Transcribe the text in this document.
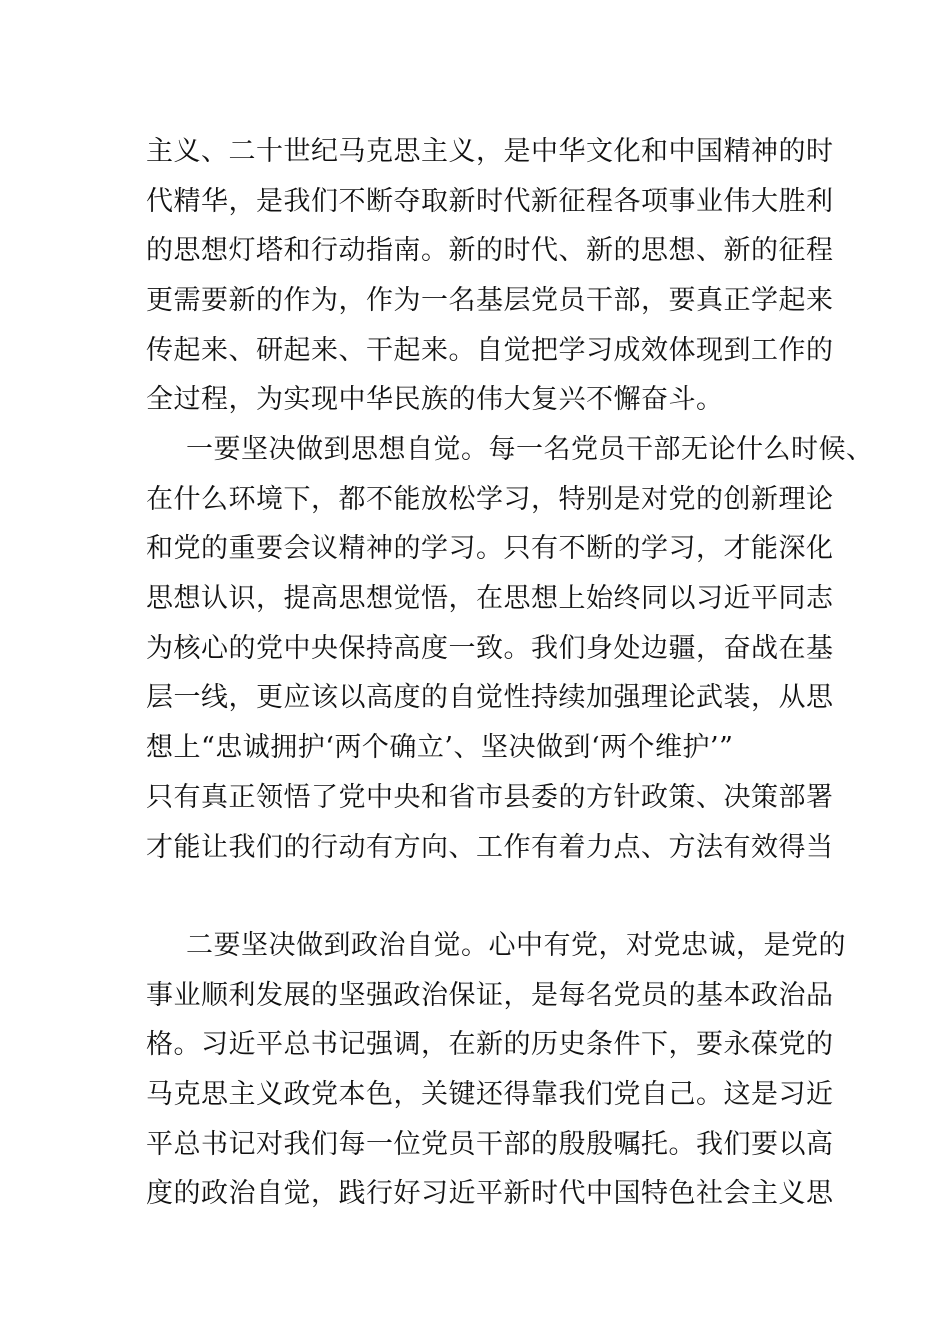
主义、二十世纪马克思主义，是中华文化和中国精神的时
代精华，是我们不断夺取新时代新征程各项事业伟大胜利
的思想灯塔和行动指南。新的时代、新的思想、新的征程
更需要新的作为，作为一名基层党员干部，要真正学起来
传起来、研起来、干起来。自觉把学习成效体现到工作的
全过程，为实现中华民族的伟大复兴不懈奋斗。
一要坚决做到思想自觉。每一名党员干部无论什么时候、
在什么环境下，都不能放松学习，特别是对党的创新理论
和党的重要会议精神的学习。只有不断的学习，才能深化
思想认识，提高思想觉悟，在思想上始终同以习近平同志
为核心的党中央保持高度一致。我们身处边疆，奋战在基
层一线，更应该以高度的自觉性持续加强理论武装，从思
想上“忠诚拥护‘两个确立’、坚决做到‘两个维护’”
只有真正领悟了党中央和省市县委的方针政策、决策部署
才能让我们的行动有方向、工作有着力点、方法有效得当
二要坚决做到政治自觉。心中有党，对党忠诚，是党的
事业顺利发展的坚强政治保证，是每名党员的基本政治品
格。习近平总书记强调，在新的历史条件下，要永葆党的
马克思主义政党本色，关键还得靠我们党自己。这是习近
平总书记对我们每一位党员干部的殷殷嘱托。我们要以高
度的政治自觉，践行好习近平新时代中国特色社会主义思
